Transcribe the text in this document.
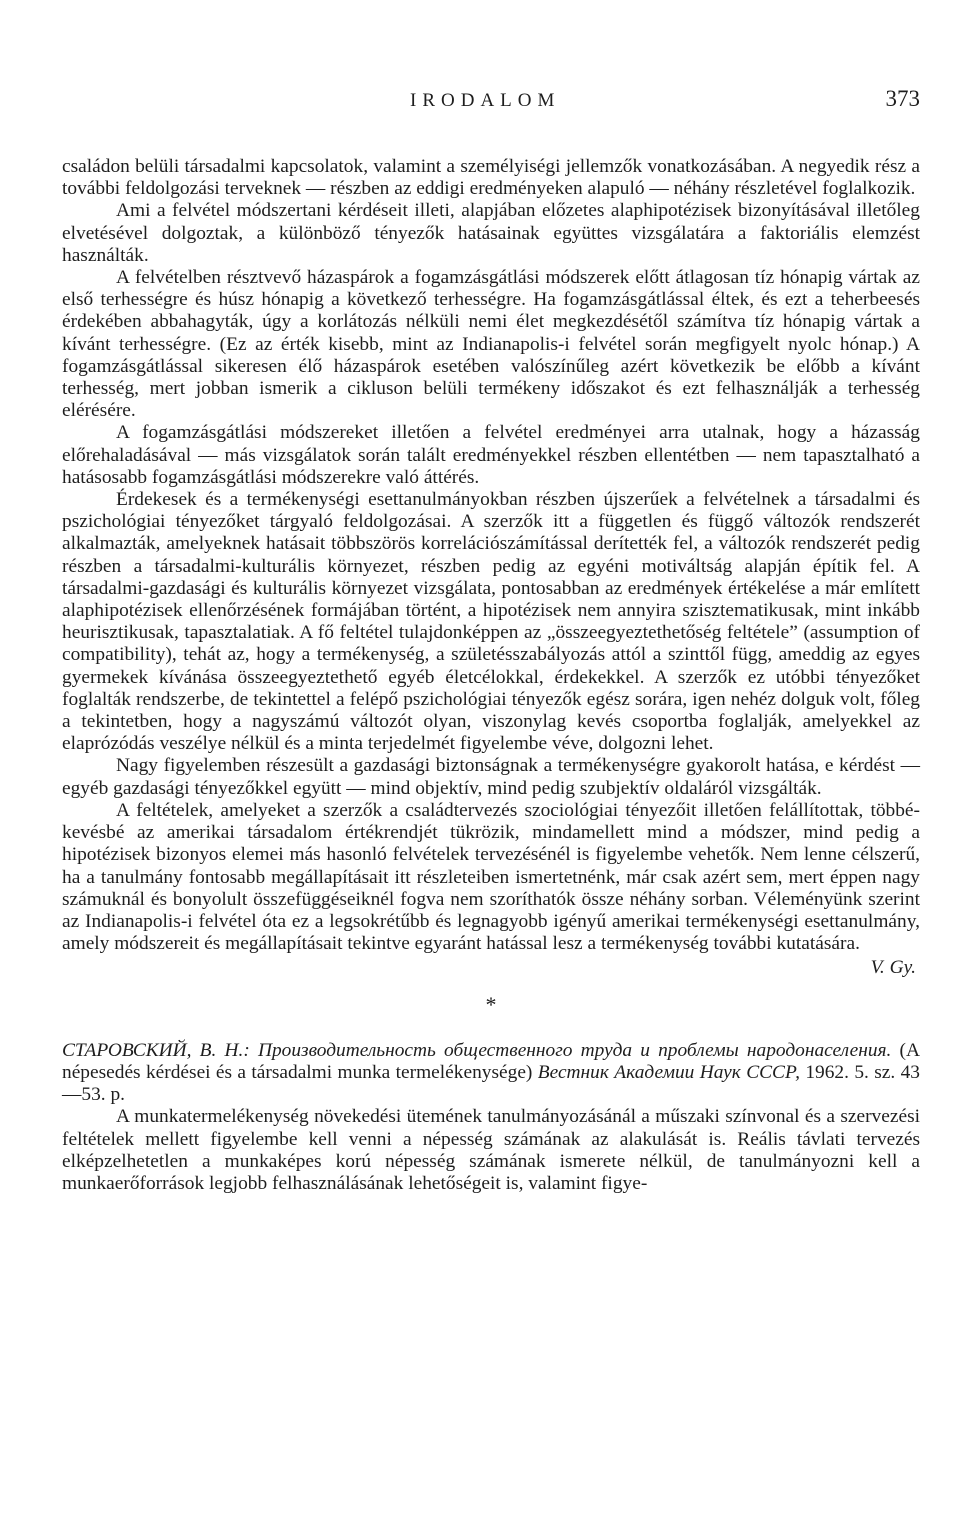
IRODALOM	373

családon belüli társadalmi kapcsolatok, valamint a személyiségi jellemzők vonatkozásában. A negyedik rész a további feldolgozási terveknek — részben az eddigi eredményeken alapuló — néhány részletével foglalkozik.

Ami a felvétel módszertani kérdéseit illeti, alapjában előzetes alaphipotézisek bizonyításával illetőleg elvetésével dolgoztak, a különböző tényezők hatásainak együttes vizsgálatára a faktoriális elemzést használták.

A felvételben résztvevő házaspárok a fogamzásgátlási módszerek előtt átlagosan tíz hónapig vártak az első terhességre és húsz hónapig a következő terhességre. Ha fogamzásgátlással éltek, és ezt a teherbeesés érdekében abbahagyták, úgy a korlátozás nélküli nemi élet megkezdésétől számítva tíz hónapig vártak a kívánt terhességre. (Ez az érték kisebb, mint az Indianapolis-i felvétel során megfigyelt nyolc hónap.) A fogamzásgátlással sikeresen élő házaspárok esetében valószínűleg azért következik be előbb a kívánt terhesség, mert jobban ismerik a cikluson belüli termékeny időszakot és ezt felhasználják a terhesség elérésére.

A fogamzásgátlási módszereket illetően a felvétel eredményei arra utalnak, hogy a házasság előrehaladásával — más vizsgálatok során talált eredményekkel részben ellentétben — nem tapasztalható a hatásosabb fogamzásgátlási módszerekre való áttérés.

Érdekesek és a termékenységi esettanulmányokban részben újszerűek a felvételnek a társadalmi és pszichológiai tényezőket tárgyaló feldolgozásai. A szerzők itt a független és függő változók rendszerét alkalmazták, amelyeknek hatásait többszörös korrelációszámítással derítették fel, a változók rendszerét pedig részben a társadalmi-kulturális környezet, részben pedig az egyéni motiváltság alapján építik fel. A társadalmi-gazdasági és kulturális környezet vizsgálata, pontosabban az eredmények értékelése a már említett alaphipotézisek ellenőrzésének formájában történt, a hipotézisek nem annyira szisztematikusak, mint inkább heurisztikusak, tapasztalatiak. A fő feltétel tulajdonképpen az „összeegyeztethetőség feltétele” (assumption of compatibility), tehát az, hogy a termékenység, a születésszabályozás attól a szinttől függ, ameddig az egyes gyermekek kívánása összeegyeztethető egyéb életcélokkal, érdekekkel. A szerzők ez utóbbi tényezőket foglalták rendszerbe, de tekintettel a felépő pszichológiai tényezők egész sorára, igen nehéz dolguk volt, főleg a tekintetben, hogy a nagyszámú változót olyan, viszonylag kevés csoportba foglalják, amelyekkel az elaprózódás veszélye nélkül és a minta terjedelmét figyelembe véve, dolgozni lehet.

Nagy figyelemben részesült a gazdasági biztonságnak a termékenységre gyakorolt hatása, e kérdést — egyéb gazdasági tényezőkkel együtt — mind objektív, mind pedig szubjektív oldaláról vizsgálták.

A feltételek, amelyeket a szerzők a családtervezés szociológiai tényezőit illetően felállítottak, többé-kevésbé az amerikai társadalom értékrendjét tükrözik, mindamellett mind a módszer, mind pedig a hipotézisek bizonyos elemei más hasonló felvételek tervezésénél is figyelembe vehetők. Nem lenne célszerű, ha a tanulmány fontosabb megállapításait itt részleteiben ismertetnénk, már csak azért sem, mert éppen nagy számuknál és bonyolult összefüggéseiknél fogva nem szoríthatók össze néhány sorban. Véleményünk szerint az Indianapolis-i felvétel óta ez a legsokrétűbb és legnagyobb igényű amerikai termékenységi esettanulmány, amely módszereit és megállapításait tekintve egyaránt hatással lesz a termékenység további kutatására.

V. Gy.
*

СТАРОВСКИЙ, В. Н.: Производительность общественного труда и проблемы народонаселения. (A népesedés kérdései és a társadalmi munka termelékenysége) Вестник Академии Наук СССР, 1962. 5. sz. 43—53. p.

A munkatermelékenység növekedési ütemének tanulmányozásánál a műszaki színvonal és a szervezési feltételek mellett figyelembe kell venni a népesség számának az alakulását is. Reális távlati tervezés elképzelhetetlen a munkaképes korú népesség számának ismerete nélkül, de tanulmányozni kell a munkaerőforrások legjobb felhasználásának lehetőségeit is, valamint figye-
